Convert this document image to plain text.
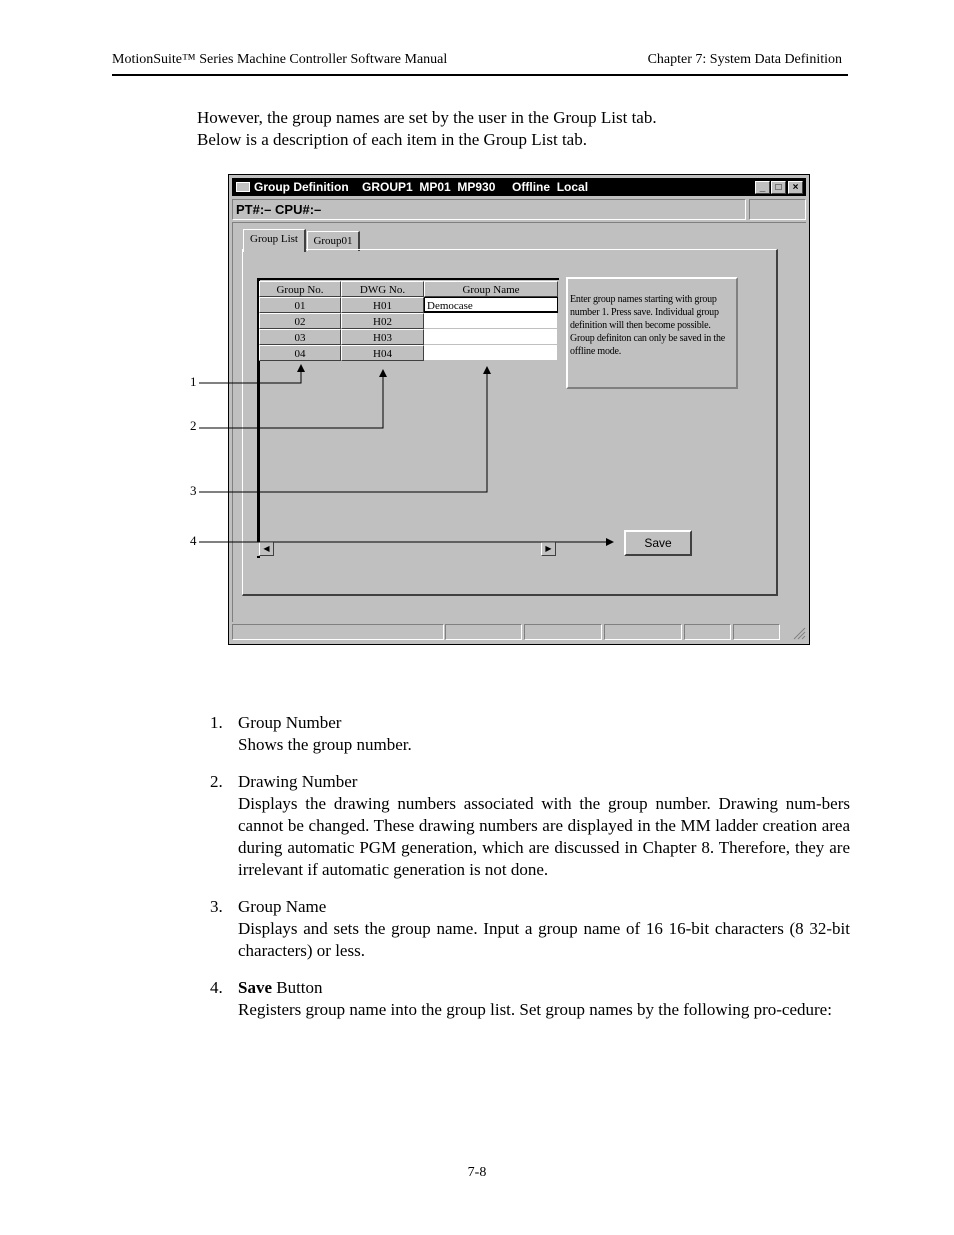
MotionSuite™ Series Machine Controller Software Manual	Chapter 7: System Data Definition
However, the group names are set by the user in the Group List tab.
Below is a description of each item in the Group List tab.
Group Definition    GROUP1  MP01  MP930     Offline  Local	_	□	×
PT#:– CPU#:–
Group List	Group01
Group No.	DWG No.	Group Name
01	H01	Democase
02	H02
03	H03
04	H04
◀	▶
Enter group names starting with group number 1. Press save. Individual group definition will then become possible. Group definiton can only be saved in the offline mode.
Save
1
2
3
4
1. Group Number
Shows the group number.
2. Drawing Number
Displays the drawing numbers associated with the group number. Drawing num-bers cannot be changed. These drawing numbers are displayed in the MM ladder creation area during automatic PGM generation, which are discussed in Chapter 8. Therefore, they are irrelevant if automatic generation is not done.
3. Group Name
Displays and sets the group name. Input a group name of 16 16-bit characters (8 32-bit characters) or less.
4. Save Button
Registers group name into the group list. Set group names by the following pro-cedure:
7-8
